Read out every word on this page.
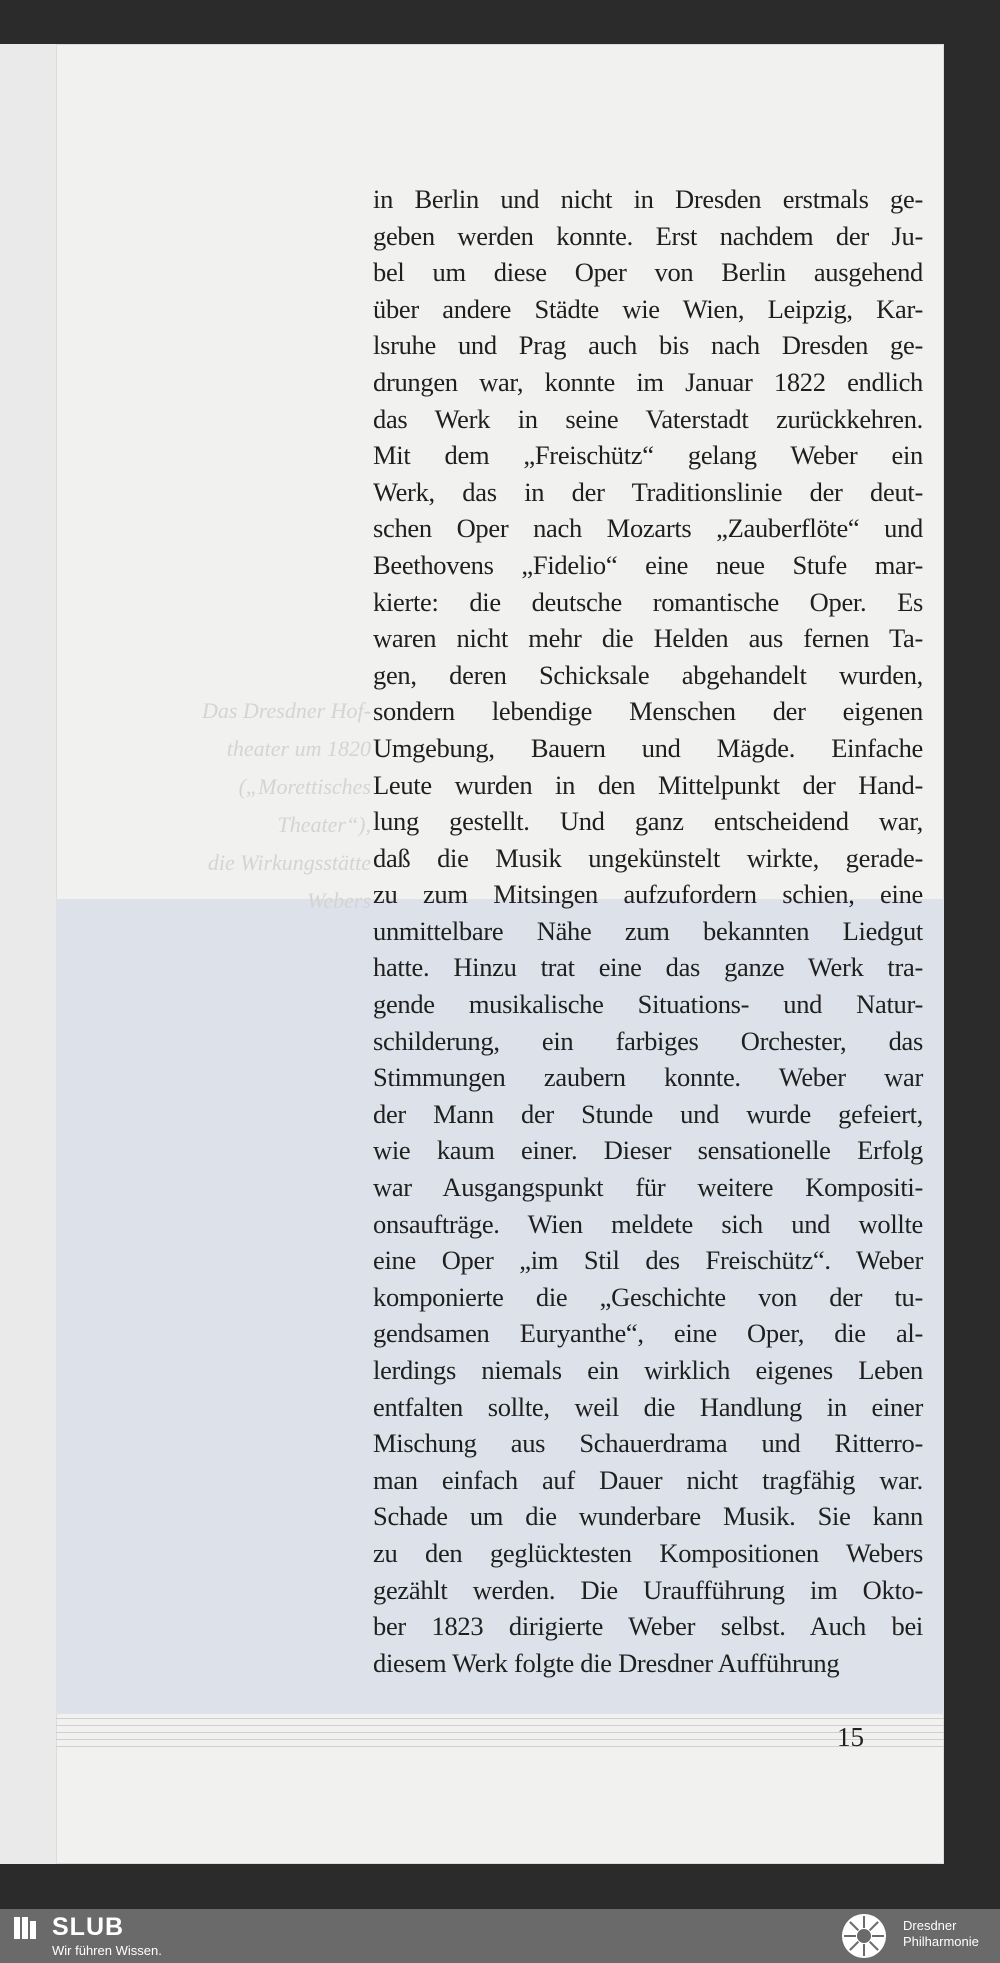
Das Dresdner Hof-
theater um 1820
(„Morettisches Theater“),
die Wirkungsstätte
Webers
in Berlin und nicht in Dresden erstmals ge-
geben werden konnte. Erst nachdem der Ju-
bel um diese Oper von Berlin ausgehend
über andere Städte wie Wien, Leipzig, Kar-
lsruhe und Prag auch bis nach Dresden ge-
drungen war, konnte im Januar 1822 endlich
das Werk in seine Vaterstadt zurückkehren.
Mit dem „Freischütz“ gelang Weber ein
Werk, das in der Traditionslinie der deut-
schen Oper nach Mozarts „Zauberflöte“ und
Beethovens „Fidelio“ eine neue Stufe mar-
kierte: die deutsche romantische Oper. Es
waren nicht mehr die Helden aus fernen Ta-
gen, deren Schicksale abgehandelt wurden,
sondern lebendige Menschen der eigenen
Umgebung, Bauern und Mägde. Einfache
Leute wurden in den Mittelpunkt der Hand-
lung gestellt. Und ganz entscheidend war,
daß die Musik ungekünstelt wirkte, gerade-
zu zum Mitsingen aufzufordern schien, eine
unmittelbare Nähe zum bekannten Liedgut
hatte. Hinzu trat eine das ganze Werk tra-
gende musikalische Situations- und Natur-
schilderung, ein farbiges Orchester, das
Stimmungen zaubern konnte. Weber war
der Mann der Stunde und wurde gefeiert,
wie kaum einer. Dieser sensationelle Erfolg
war Ausgangspunkt für weitere Kompositi-
onsaufträge. Wien meldete sich und wollte
eine Oper „im Stil des Freischütz“. Weber
komponierte die „Geschichte von der tu-
gendsamen Euryanthe“, eine Oper, die al-
lerdings niemals ein wirklich eigenes Leben
entfalten sollte, weil die Handlung in einer
Mischung aus Schauerdrama und Ritterro-
man einfach auf Dauer nicht tragfähig war.
Schade um die wunderbare Musik. Sie kann
zu den geglücktesten Kompositionen Webers
gezählt werden. Die Uraufführung im Okto-
ber 1823 dirigierte Weber selbst. Auch bei
diesem Werk folgte die Dresdner Aufführung
15
SLUB
Wir führen Wissen.
Dresdner
Philharmonie
